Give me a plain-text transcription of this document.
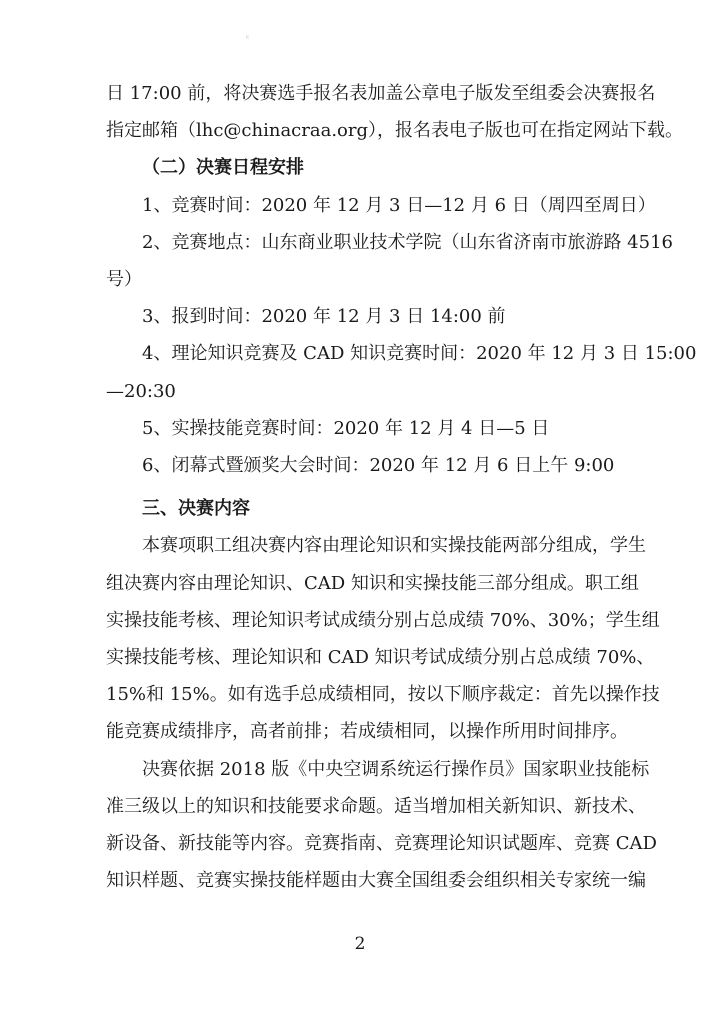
ᵋ

日 17:00 前，将决赛选手报名表加盖公章电子版发至组委会决赛报名

指定邮箱（lhc@chinacraa.org），报名表电子版也可在指定网站下载。

（二）决赛日程安排

1、竞赛时间：2020 年 12 月 3 日—12 月 6 日（周四至周日）

2、竞赛地点：山东商业职业技术学院（山东省济南市旅游路 4516

号）

3、报到时间：2020 年 12 月 3 日 14:00 前

4、理论知识竞赛及 CAD 知识竞赛时间：2020 年 12 月 3 日 15:00

—20:30

5、实操技能竞赛时间：2020 年 12 月 4 日—5 日

6、闭幕式暨颁奖大会时间：2020 年 12 月 6 日上午 9:00

三、决赛内容

本赛项职工组决赛内容由理论知识和实操技能两部分组成，学生

组决赛内容由理论知识、CAD 知识和实操技能三部分组成。职工组

实操技能考核、理论知识考试成绩分别占总成绩 70%、30%；学生组

实操技能考核、理论知识和 CAD 知识考试成绩分别占总成绩 70%、

15%和 15%。如有选手总成绩相同，按以下顺序裁定：首先以操作技

能竞赛成绩排序，高者前排；若成绩相同，以操作所用时间排序。

决赛依据 2018 版《中央空调系统运行操作员》国家职业技能标

准三级以上的知识和技能要求命题。适当增加相关新知识、新技术、

新设备、新技能等内容。竞赛指南、竞赛理论知识试题库、竞赛 CAD

知识样题、竞赛实操技能样题由大赛全国组委会组织相关专家统一编

2
